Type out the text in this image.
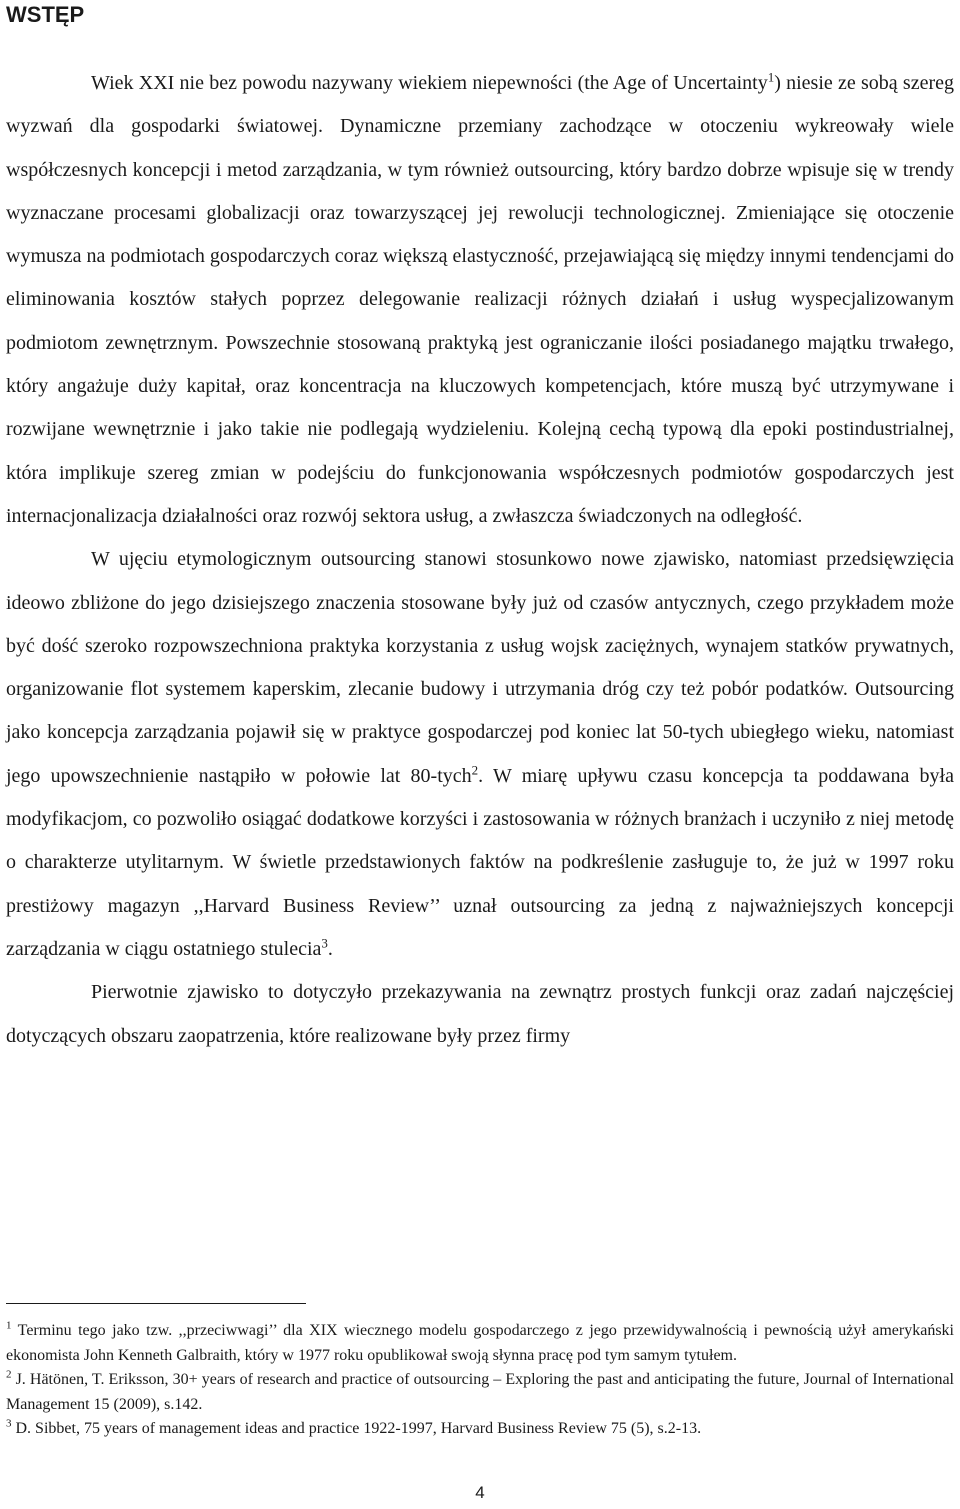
WSTĘP

Wiek XXI nie bez powodu nazywany wiekiem niepewności (the Age of Uncertainty$^1$) niesie ze sobą szereg wyzwań dla gospodarki światowej. Dynamiczne przemiany zachodzące w otoczeniu wykreowały wiele współczesnych koncepcji i metod zarządzania, w tym również outsourcing, który bardzo dobrze wpisuje się w trendy wyznaczane procesami globalizacji oraz towarzyszącej jej rewolucji technologicznej. Zmieniające się otoczenie wymusza na podmiotach gospodarczych coraz większą elastyczność, przejawiającą się między innymi tendencjami do eliminowania kosztów stałych poprzez delegowanie realizacji różnych działań i usług wyspecjalizowanym podmiotom zewnętrznym. Powszechnie stosowaną praktyką jest ograniczanie ilości posiadanego majątku trwałego, który angażuje duży kapitał, oraz koncentracja na kluczowych kompetencjach, które muszą być utrzymywane i rozwijane wewnętrznie i jako takie nie podlegają wydzieleniu. Kolejną cechą typową dla epoki postindustrialnej, która implikuje szereg zmian w podejściu do funkcjonowania współczesnych podmiotów gospodarczych jest internacjonalizacja działalności oraz rozwój sektora usług, a zwłaszcza świadczonych na odległość.

W ujęciu etymologicznym outsourcing stanowi stosunkowo nowe zjawisko, natomiast przedsięwzięcia ideowo zbliżone do jego dzisiejszego znaczenia stosowane były już od czasów antycznych, czego przykładem może być dość szeroko rozpowszechniona praktyka korzystania z usług wojsk zaciężnych, wynajem statków prywatnych, organizowanie flot systemem kaperskim, zlecanie budowy i utrzymania dróg czy też pobór podatków. Outsourcing jako koncepcja zarządzania pojawił się w praktyce gospodarczej pod koniec lat 50-tych ubiegłego wieku, natomiast jego upowszechnienie nastąpiło w połowie lat 80-tych$^2$. W miarę upływu czasu koncepcja ta poddawana była modyfikacjom, co pozwoliło osiągać dodatkowe korzyści i zastosowania w różnych branżach i uczyniło z niej metodę o charakterze utylitarnym. W świetle przedstawionych faktów na podkreślenie zasługuje to, że już w 1997 roku prestiżowy magazyn ,,Harvard Business Review’’ uznał outsourcing za jedną z najważniejszych koncepcji zarządzania w ciągu ostatniego stulecia$^3$.

Pierwotnie zjawisko to dotyczyło przekazywania na zewnątrz prostych funkcji oraz zadań najczęściej dotyczących obszaru zaopatrzenia, które realizowane były przez firmy

$^1$ Terminu tego jako tzw. ,,przeciwwagi’’ dla XIX wiecznego modelu gospodarczego z jego przewidywalnością i pewnością użył amerykański ekonomista John Kenneth Galbraith, który w 1977 roku opublikował swoją słynna pracę pod tym samym tytułem.

$^2$ J. Hätönen, T. Eriksson, 30+ years of research and practice of outsourcing – Exploring the past and anticipating the future, Journal of International Management 15 (2009), s.142.

$^3$ D. Sibbet, 75 years of management ideas and practice 1922-1997, Harvard Business Review 75 (5), s.2-13.

4
